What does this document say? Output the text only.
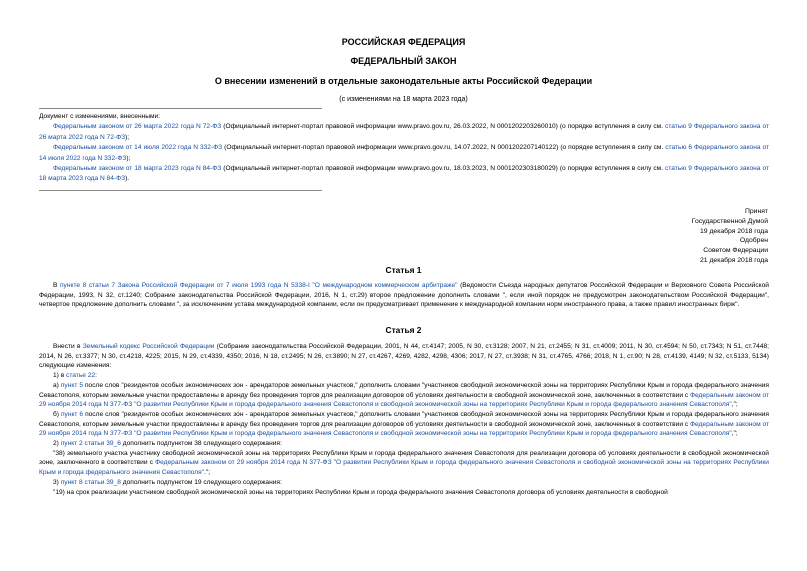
РОССИЙСКАЯ ФЕДЕРАЦИЯ
ФЕДЕРАЛЬНЫЙ ЗАКОН
О внесении изменений в отдельные законодательные акты Российской Федерации
(с изменениями на 18 марта 2023 года)

Документ с изменениями, внесенными:

Федеральным законом от 26 марта 2022 года N 72-ФЗ (Официальный интернет-портал правовой информации www.pravo.gov.ru, 26.03.2022, N 0001202203260010) (о порядке вступления в силу см. статью 9 Федерального закона от 26 марта 2022 года N 72-ФЗ);

Федеральным законом от 14 июля 2022 года N 332-ФЗ (Официальный интернет-портал правовой информации www.pravo.gov.ru, 14.07.2022, N 0001202207140122) (о порядке вступления в силу см. статью 6 Федерального закона от 14 июля 2022 года N 332-ФЗ);

Федеральным законом от 18 марта 2023 года N 84-ФЗ (Официальный интернет-портал правовой информации www.pravo.gov.ru, 18.03.2023, N 0001202303180029) (о порядке вступления в силу см. статью 9 Федерального закона от 18 марта 2023 года N 84-ФЗ).

Принят
Государственной Думой
19 декабря 2018 года
Одобрен
Советом Федерации
21 декабря 2018 года
Статья 1

В пункте 8 статьи 7 Закона Российской Федерации от 7 июля 1993 года N 5338-I "О международном коммерческом арбитраже" (Ведомости Съезда народных депутатов Российской Федерации и Верховного Совета Российской Федерации, 1993, N 32, ст.1240; Собрание законодательства Российской Федерации, 2016, N 1, ст.29) второе предложение дополнить словами ", если иной порядок не предусмотрен законодательством Российской Федерации", четвертое предложение дополнить словами ", за исключением устава международной компании, если он предусматривает применение к международной компании норм иностранного права, а также правил иностранных бирж".

Статья 2

Внести в Земельный кодекс Российской Федерации (Собрание законодательства Российской Федерации, 2001, N 44, ст.4147; 2005, N 30, ст.3128; 2007, N 21, ст.2455; N 31, ст.4009; 2011, N 30, ст.4594; N 50, ст.7343; N 51, ст.7448; 2014, N 26, ст.3377; N 30, ст.4218, 4225; 2015, N 29, ст.4339, 4350; 2016, N 18, ст.2495; N 26, ст.3890; N 27, ст.4267, 4269, 4282, 4298, 4306; 2017, N 27, ст.3938; N 31, ст.4765, 4766; 2018, N 1, ст.90; N 28, ст.4139, 4149; N 32, ст.5133, 5134) следующие изменения:

1) в статье 22:

а) пункт 5 после слов "резидентов особых экономических зон - арендаторов земельных участков," дополнить словами "участников свободной экономической зоны на территориях Республики Крым и города федерального значения Севастополя, которым земельные участки предоставлены в аренду без проведения торгов для реализации договоров об условиях деятельности в свободной экономической зоне, заключенных в соответствии с Федеральным законом от 29 ноября 2014 года N 377-ФЗ "О развитии Республики Крым и города федерального значения Севастополя и свободной экономической зоны на территориях Республики Крым и города федерального значения Севастополя",";

б) пункт 6 после слов "резидентов особых экономических зон - арендаторов земельных участков," дополнить словами "участников свободной экономической зоны на территориях Республики Крым и города федерального значения Севастополя, которым земельные участки предоставлены в аренду без проведения торгов для реализации договоров об условиях деятельности в свободной экономической зоне, заключенных в соответствии с Федеральным законом от 29 ноября 2014 года N 377-ФЗ "О развитии Республики Крым и города федерального значения Севастополя и свободной экономической зоны на территориях Республики Крым и города федерального значения Севастополя",";

2) пункт 2 статьи 39_6 дополнить подпунктом 38 следующего содержания:

"38) земельного участка участнику свободной экономической зоны на территориях Республики Крым и города федерального значения Севастополя для реализации договора об условиях деятельности в свободной экономической зоне, заключенного в соответствии с Федеральным законом от 29 ноября 2014 года N 377-ФЗ "О развитии Республики Крым и города федерального значения Севастополя и свободной экономической зоны на территориях Республики Крым и города федерального значения Севастополя".";

3) пункт 8 статьи 39_8 дополнить подпунктом 19 следующего содержания:

"19) на срок реализации участником свободной экономической зоны на территориях Республики Крым и города федерального значения Севастополя договора об условиях деятельности в свободной
